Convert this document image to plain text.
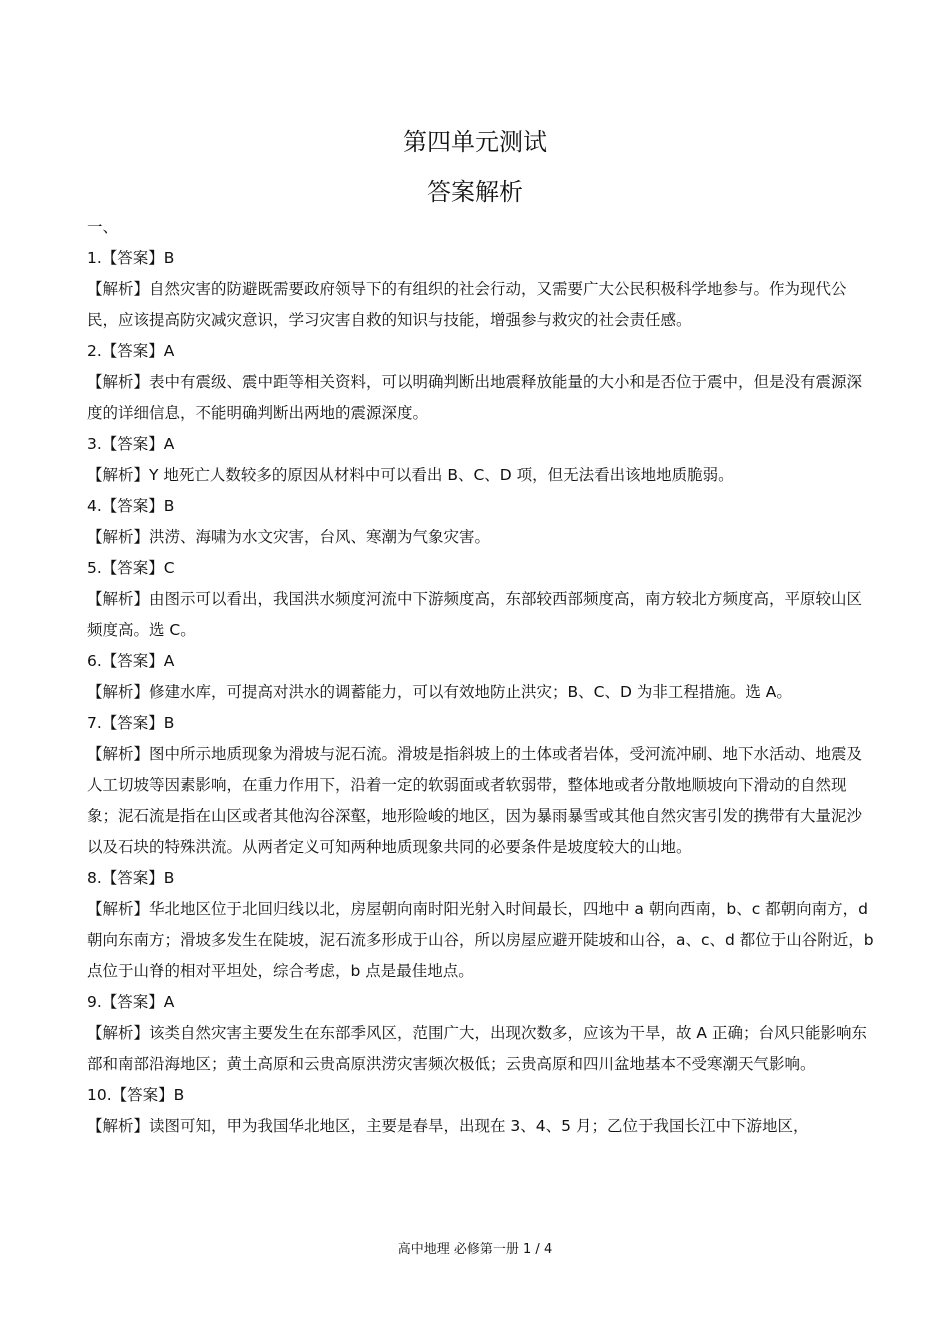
第四单元测试
答案解析

一、

1.【答案】B

【解析】自然灾害的防避既需要政府领导下的有组织的社会行动，又需要广大公民积极科学地参与。作为现代公民，应该提高防灾减灾意识，学习灾害自救的知识与技能，增强参与救灾的社会责任感。

2.【答案】A

【解析】表中有震级、震中距等相关资料，可以明确判断出地震释放能量的大小和是否位于震中，但是没有震源深度的详细信息，不能明确判断出两地的震源深度。

3.【答案】A

【解析】Y 地死亡人数较多的原因从材料中可以看出 B、C、D 项，但无法看出该地地质脆弱。

4.【答案】B

【解析】洪涝、海啸为水文灾害，台风、寒潮为气象灾害。

5.【答案】C

【解析】由图示可以看出，我国洪水频度河流中下游频度高，东部较西部频度高，南方较北方频度高，平原较山区频度高。选 C。

6.【答案】A

【解析】修建水库，可提高对洪水的调蓄能力，可以有效地防止洪灾；B、C、D 为非工程措施。选 A。

7.【答案】B

【解析】图中所示地质现象为滑坡与泥石流。滑坡是指斜坡上的土体或者岩体，受河流冲刷、地下水活动、地震及人工切坡等因素影响，在重力作用下，沿着一定的软弱面或者软弱带，整体地或者分散地顺坡向下滑动的自然现象；泥石流是指在山区或者其他沟谷深壑，地形险峻的地区，因为暴雨暴雪或其他自然灾害引发的携带有大量泥沙以及石块的特殊洪流。从两者定义可知两种地质现象共同的必要条件是坡度较大的山地。

8.【答案】B

【解析】华北地区位于北回归线以北，房屋朝向南时阳光射入时间最长，四地中 a 朝向西南，b、c 都朝向南方，d 朝向东南方；滑坡多发生在陡坡，泥石流多形成于山谷，所以房屋应避开陡坡和山谷，a、c、d 都位于山谷附近，b 点位于山脊的相对平坦处，综合考虑，b 点是最佳地点。

9.【答案】A

【解析】该类自然灾害主要发生在东部季风区，范围广大，出现次数多，应该为干旱，故 A 正确；台风只能影响东部和南部沿海地区；黄土高原和云贵高原洪涝灾害频次极低；云贵高原和四川盆地基本不受寒潮天气影响。

10.【答案】B

【解析】读图可知，甲为我国华北地区，主要是春旱，出现在 3、4、5 月；乙位于我国长江中下游地区，

高中地理 必修第一册 1 / 4
